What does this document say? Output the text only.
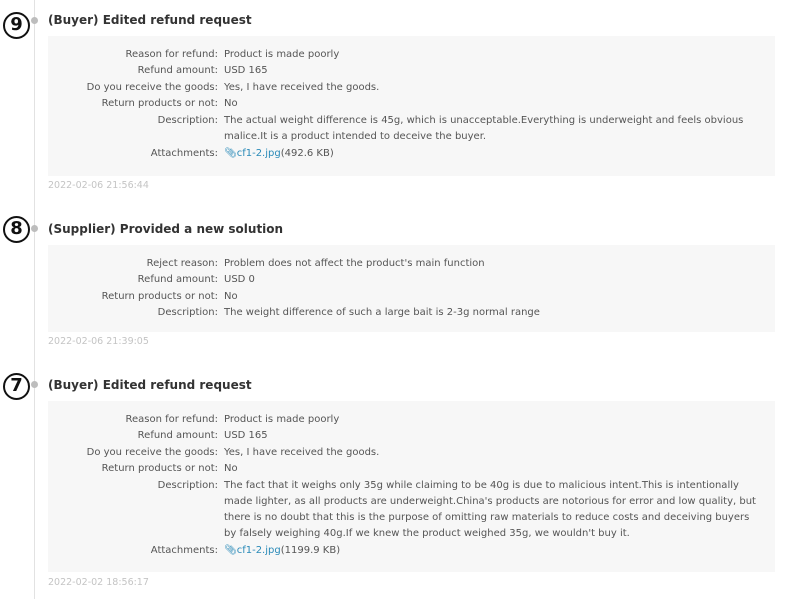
9	(Buyer) Edited refund request
Reason for refund: Product is made poorly
Refund amount: USD 165
Do you receive the goods: Yes, I have received the goods.
Return products or not: No
Description: The actual weight difference is 45g, which is unacceptable.Everything is underweight and feels obvious malice.It is a product intended to deceive the buyer.
Attachments: 📎︎cf1-2.jpg(492.6 KB)
2022-02-06 21:56:44
8	(Supplier) Provided a new solution
Reject reason: Problem does not affect the product's main function
Refund amount: USD 0
Return products or not: No
Description: The weight difference of such a large bait is 2-3g normal range
2022-02-06 21:39:05
7	(Buyer) Edited refund request
Reason for refund: Product is made poorly
Refund amount: USD 165
Do you receive the goods: Yes, I have received the goods.
Return products or not: No
Description: The fact that it weighs only 35g while claiming to be 40g is due to malicious intent.This is intentionally made lighter, as all products are underweight.China's products are notorious for error and low quality, but there is no doubt that this is the purpose of omitting raw materials to reduce costs and deceiving buyers by falsely weighing 40g.If we knew the product weighed 35g, we wouldn't buy it.
Attachments: 📎︎cf1-2.jpg(1199.9 KB)
2022-02-02 18:56:17
